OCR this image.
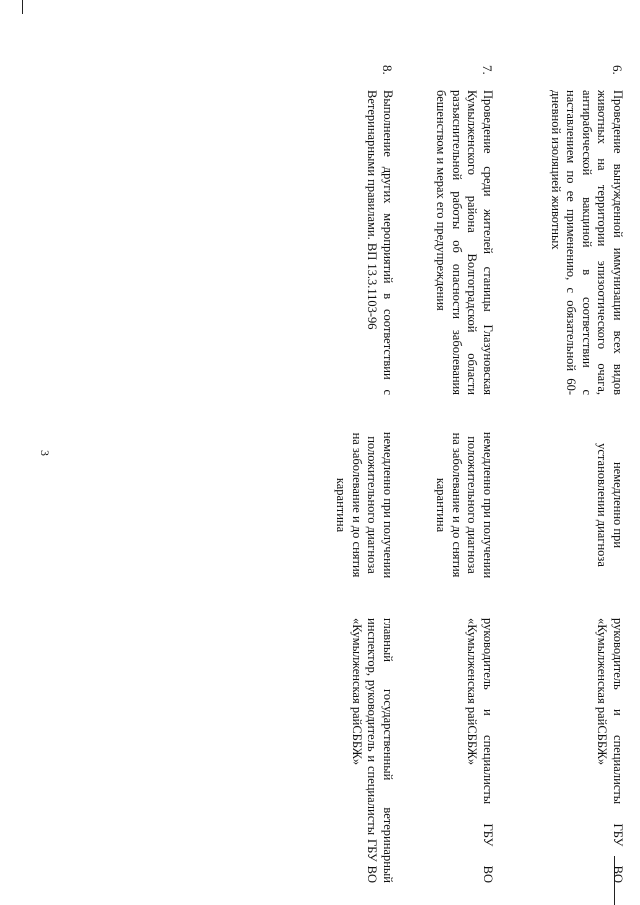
3
6.
Проведение вынужденной иммунизации всех видов животных на территории эпизоотического очага, антирабической вакциной в соответствии с наставлением по ее применению, с обязательной 60-дневной изоляцией животных
немедленно при установлении диагноза
руководитель и специалисты ГБУ ВО «Кумылженская райСББЖ»
7.
Проведение среди жителей станицы Глазуновская Кумылженского района Волгоградской области разъяснительной работы об опасности заболевания бешенством и мерах его предупреждения
немедленно при получении положительного диагноза на заболевание и до снятия карантина
руководитель и специалисты ГБУ ВО «Кумылженская райСББЖ»
8.
Выполнение других мероприятий в соответствии с Ветеринарными правилами. ВП 13.3.1103-96
немедленно при получении положительного диагноза на заболевание и до снятия карантина
главный государственный ветеринарный инспектор, руководитель и специалисты ГБУ ВО «Кумылженская райСББЖ»
